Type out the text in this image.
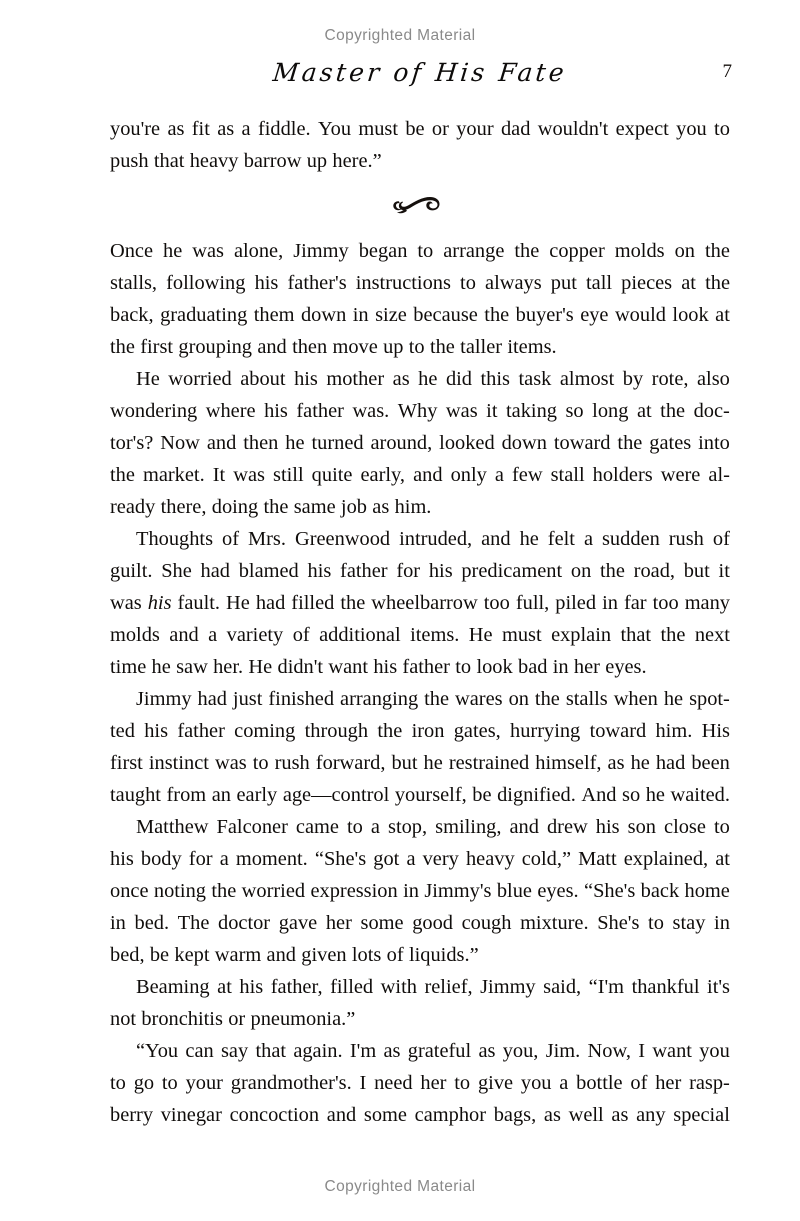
Copyrighted Material
Master of His Fate	7
you're as fit as a fiddle. You must be or your dad wouldn't expect you to
push that heavy barrow up here.”
Once he was alone, Jimmy began to arrange the copper molds on the
stalls, following his father's instructions to always put tall pieces at the
back, graduating them down in size because the buyer's eye would look at
the first grouping and then move up to the taller items.
He worried about his mother as he did this task almost by rote, also
wondering where his father was. Why was it taking so long at the doc-
tor's? Now and then he turned around, looked down toward the gates into
the market. It was still quite early, and only a few stall holders were al-
ready there, doing the same job as him.
Thoughts of Mrs. Greenwood intruded, and he felt a sudden rush of
guilt. She had blamed his father for his predicament on the road, but it
was his fault. He had filled the wheelbarrow too full, piled in far too many
molds and a variety of additional items. He must explain that the next
time he saw her. He didn't want his father to look bad in her eyes.
Jimmy had just finished arranging the wares on the stalls when he spot-
ted his father coming through the iron gates, hurrying toward him. His
first instinct was to rush forward, but he restrained himself, as he had been
taught from an early age—control yourself, be dignified. And so he waited.
Matthew Falconer came to a stop, smiling, and drew his son close to
his body for a moment. “She's got a very heavy cold,” Matt explained, at
once noting the worried expression in Jimmy's blue eyes. “She's back home
in bed. The doctor gave her some good cough mixture. She's to stay in
bed, be kept warm and given lots of liquids.”
Beaming at his father, filled with relief, Jimmy said, “I'm thankful it's
not bronchitis or pneumonia.”
“You can say that again. I'm as grateful as you, Jim. Now, I want you
to go to your grandmother's. I need her to give you a bottle of her rasp-
berry vinegar concoction and some camphor bags, as well as any special
Copyrighted Material
